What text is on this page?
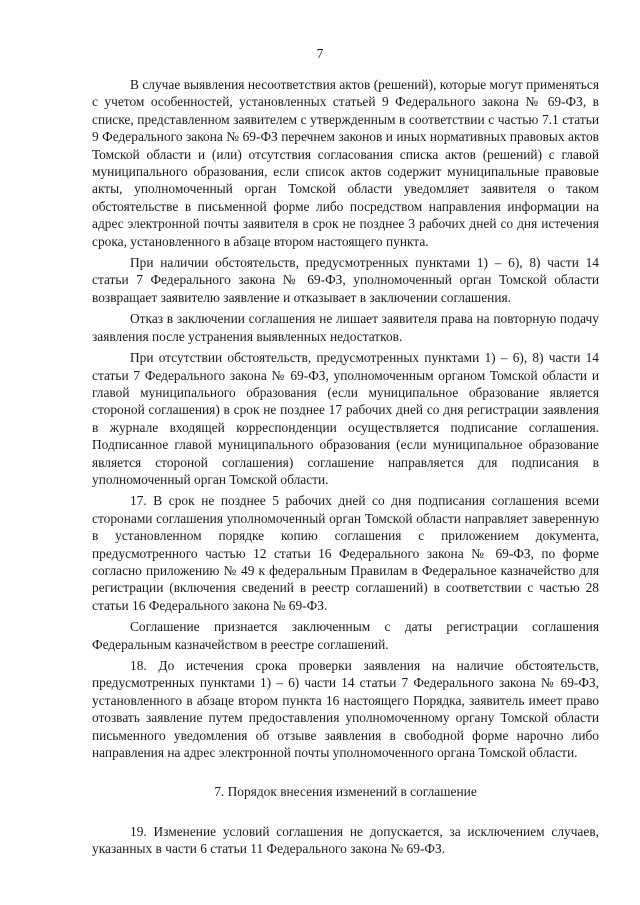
7

В случае выявления несоответствия актов (решений), которые могут применяться с учетом особенностей, установленных статьей 9 Федерального закона № 69-ФЗ, в списке, представленном заявителем с утвержденным в соответствии с частью 7.1 статьи 9 Федерального закона № 69-ФЗ перечнем законов и иных нормативных правовых актов Томской области и (или) отсутствия согласования списка актов (решений) с главой муниципального образования, если список актов содержит муниципальные правовые акты, уполномоченный орган Томской области уведомляет заявителя о таком обстоятельстве в письменной форме либо посредством направления информации на адрес электронной почты заявителя в срок не позднее 3 рабочих дней со дня истечения срока, установленного в абзаце втором настоящего пункта.

При наличии обстоятельств, предусмотренных пунктами 1) – 6), 8) части 14 статьи 7 Федерального закона № 69-ФЗ, уполномоченный орган Томской области возвращает заявителю заявление и отказывает в заключении соглашения.

Отказ в заключении соглашения не лишает заявителя права на повторную подачу заявления после устранения выявленных недостатков.

При отсутствии обстоятельств, предусмотренных пунктами 1) – 6), 8) части 14 статьи 7 Федерального закона № 69-ФЗ, уполномоченным органом Томской области и главой муниципального образования (если муниципальное образование является стороной соглашения) в срок не позднее 17 рабочих дней со дня регистрации заявления в журнале входящей корреспонденции осуществляется подписание соглашения. Подписанное главой муниципального образования (если муниципальное образование является стороной соглашения) соглашение направляется для подписания в уполномоченный орган Томской области.

17. В срок не позднее 5 рабочих дней со дня подписания соглашения всеми сторонами соглашения уполномоченный орган Томской области направляет заверенную в установленном порядке копию соглашения с приложением документа, предусмотренного частью 12 статьи 16 Федерального закона № 69-ФЗ, по форме согласно приложению № 49 к федеральным Правилам в Федеральное казначейство для регистрации (включения сведений в реестр соглашений) в соответствии с частью 28 статьи 16 Федерального закона № 69-ФЗ.

Соглашение признается заключенным с даты регистрации соглашения Федеральным казначейством в реестре соглашений.

18. До истечения срока проверки заявления на наличие обстоятельств, предусмотренных пунктами 1) – 6) части 14 статьи 7 Федерального закона № 69-ФЗ, установленного в абзаце втором пункта 16 настоящего Порядка, заявитель имеет право отозвать заявление путем предоставления уполномоченному органу Томской области письменного уведомления об отзыве заявления в свободной форме нарочно либо направления на адрес электронной почты уполномоченного органа Томской области.

7. Порядок внесения изменений в соглашение

19. Изменение условий соглашения не допускается, за исключением случаев, указанных в части 6 статьи 11 Федерального закона № 69-ФЗ.
